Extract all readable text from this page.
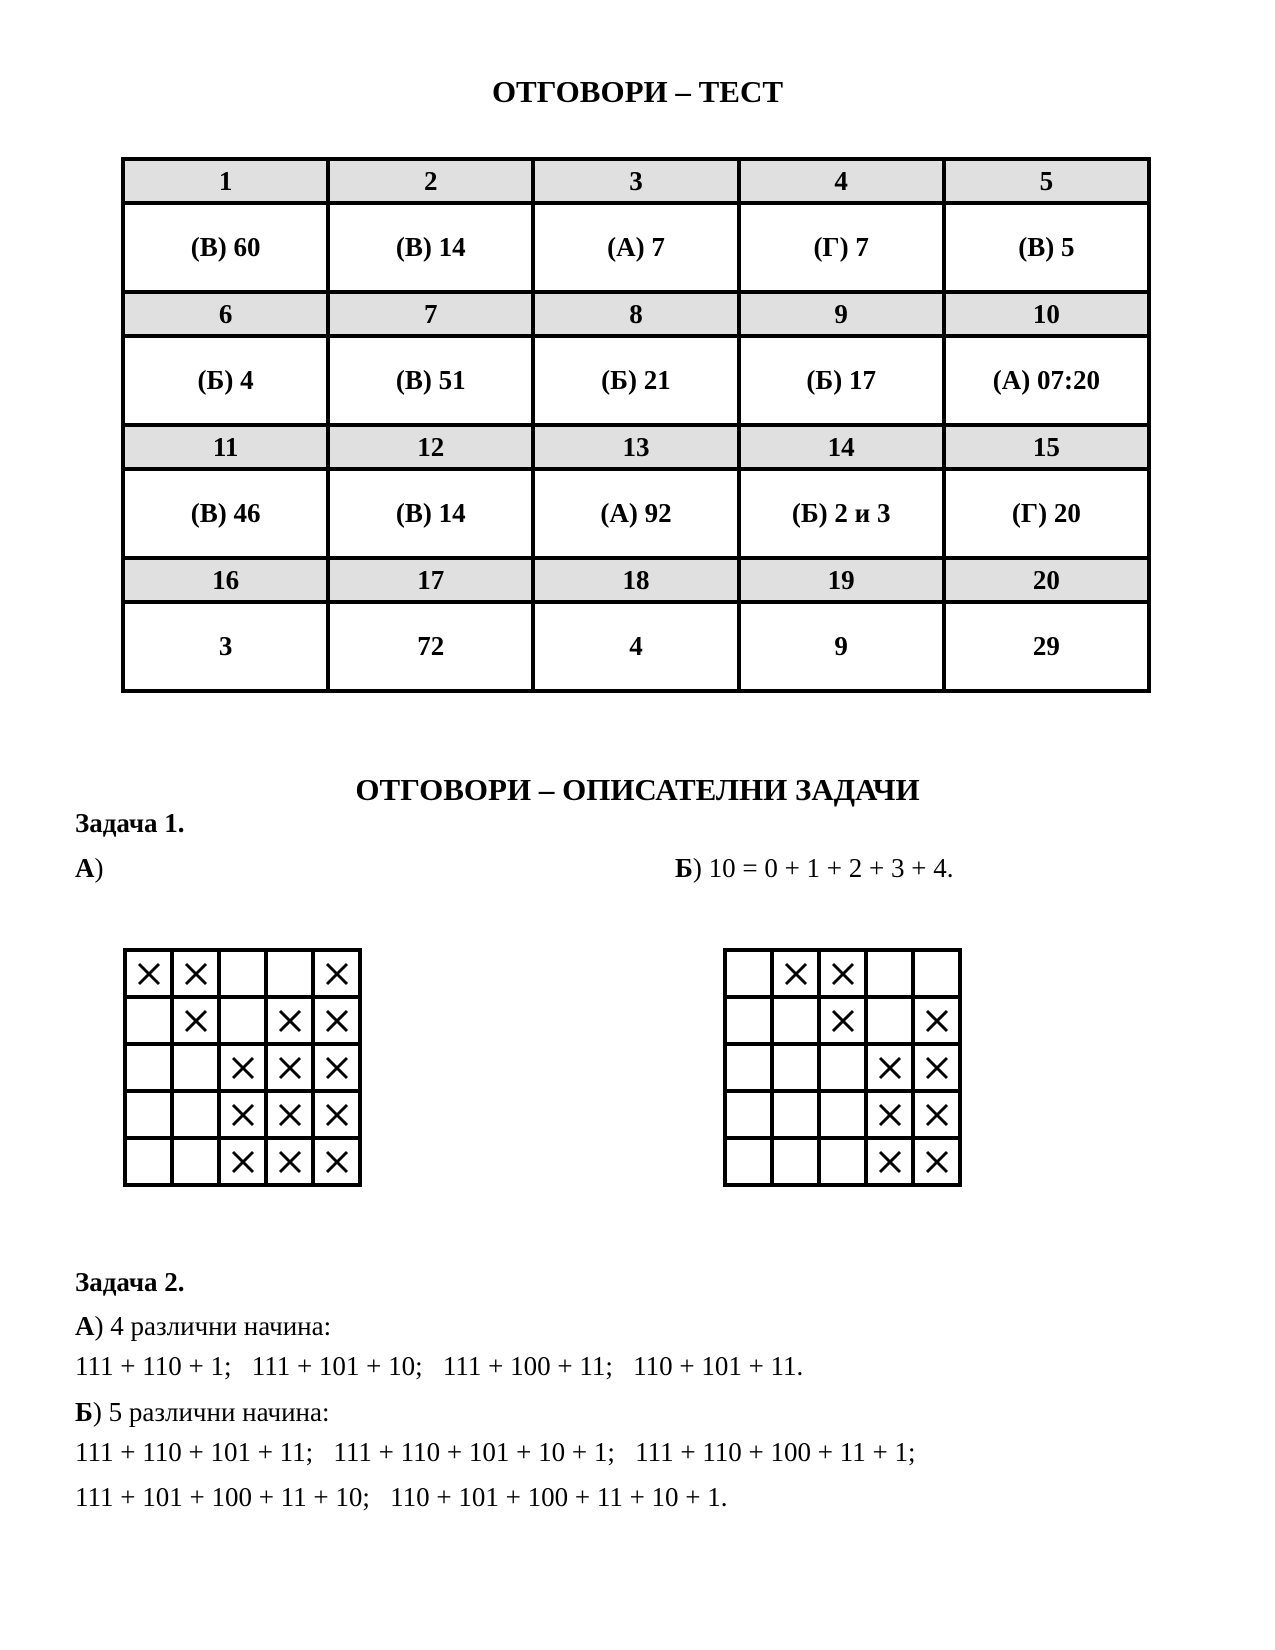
ОТГОВОРИ – ТЕСТ
1	2	3	4	5
(В) 60	(В) 14	(А) 7	(Г) 7	(В) 5
6	7	8	9	10
(Б) 4	(В) 51	(Б) 21	(Б) 17	(А) 07:20
11	12	13	14	15
(В) 46	(В) 14	(А) 92	(Б) 2 и 3	(Г) 20
16	17	18	19	20
3	72	4	9	29
ОТГОВОРИ – ОПИСАТЕЛНИ ЗАДАЧИ
Задача 1.
А)	Б) 10 = 0 + 1 + 2 + 3 + 4.

Задача 2.
А) 4 различни начина:
111 + 110 + 1;   111 + 101 + 10;   111 + 100 + 11;   110 + 101 + 11.
Б) 5 различни начина:
111 + 110 + 101 + 11;   111 + 110 + 101 + 10 + 1;   111 + 110 + 100 + 11 + 1;
111 + 101 + 100 + 11 + 10;   110 + 101 + 100 + 11 + 10 + 1.
